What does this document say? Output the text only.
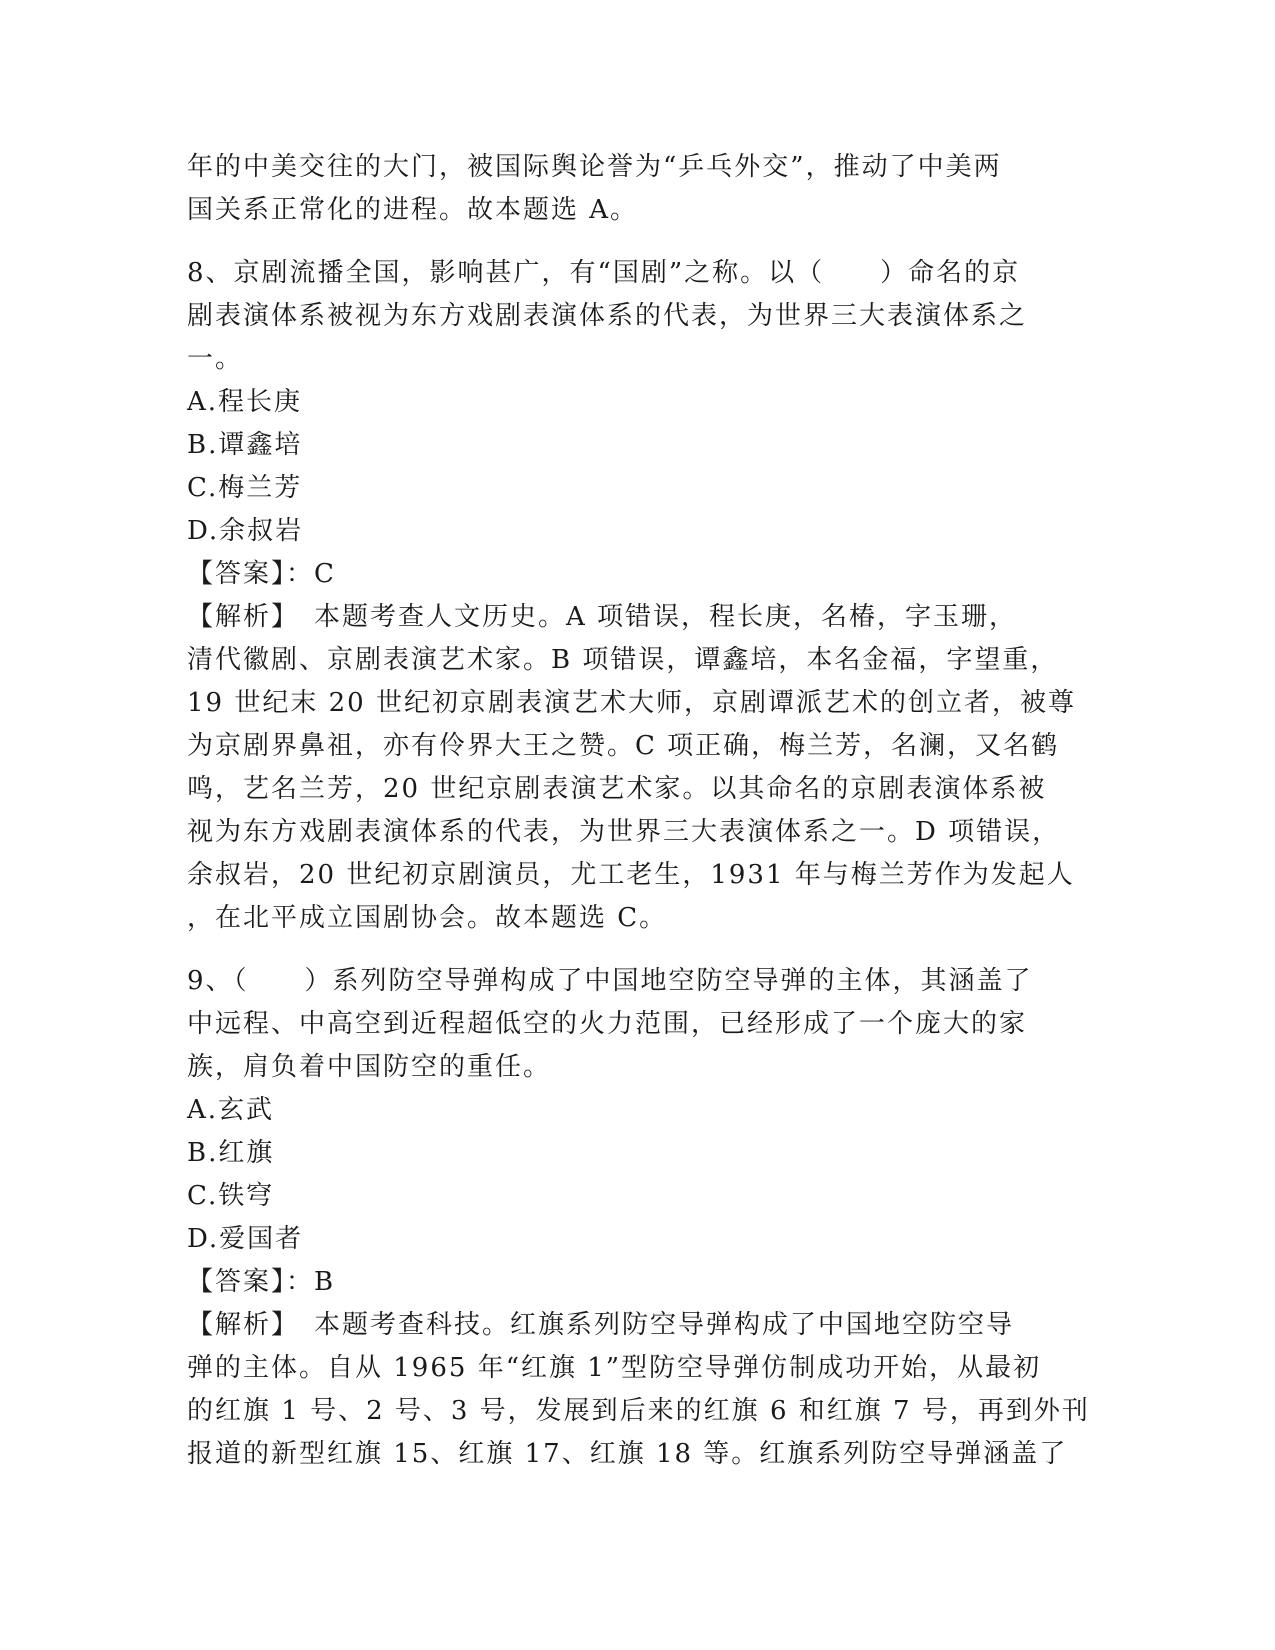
年的中美交往的大门，被国际舆论誉为“乒乓外交”，推动了中美两
国关系正常化的进程。故本题选 A。
8、京剧流播全国，影响甚广，有“国剧”之称。以（　　）命名的京
剧表演体系被视为东方戏剧表演体系的代表，为世界三大表演体系之
一。
A.程长庚
B.谭鑫培
C.梅兰芳
D.余叔岩
【答案】：C
【解析】　本题考查人文历史。A 项错误，程长庚，名椿，字玉珊，
清代徽剧、京剧表演艺术家。B 项错误，谭鑫培，本名金福，字望重，
19 世纪末 20 世纪初京剧表演艺术大师，京剧谭派艺术的创立者，被尊
为京剧界鼻祖，亦有伶界大王之赞。C 项正确，梅兰芳，名澜，又名鹤
鸣，艺名兰芳，20 世纪京剧表演艺术家。以其命名的京剧表演体系被
视为东方戏剧表演体系的代表，为世界三大表演体系之一。D 项错误，
余叔岩，20 世纪初京剧演员，尤工老生，1931 年与梅兰芳作为发起人
，在北平成立国剧协会。故本题选 C。
9、（　　）系列防空导弹构成了中国地空防空导弹的主体，其涵盖了
中远程、中高空到近程超低空的火力范围，已经形成了一个庞大的家
族，肩负着中国防空的重任。
A.玄武
B.红旗
C.铁穹
D.爱国者
【答案】：B
【解析】　本题考查科技。红旗系列防空导弹构成了中国地空防空导
弹的主体。自从 1965 年“红旗 1”型防空导弹仿制成功开始，从最初
的红旗 1 号、2 号、3 号，发展到后来的红旗 6 和红旗 7 号，再到外刊
报道的新型红旗 15、红旗 17、红旗 18 等。红旗系列防空导弹涵盖了
